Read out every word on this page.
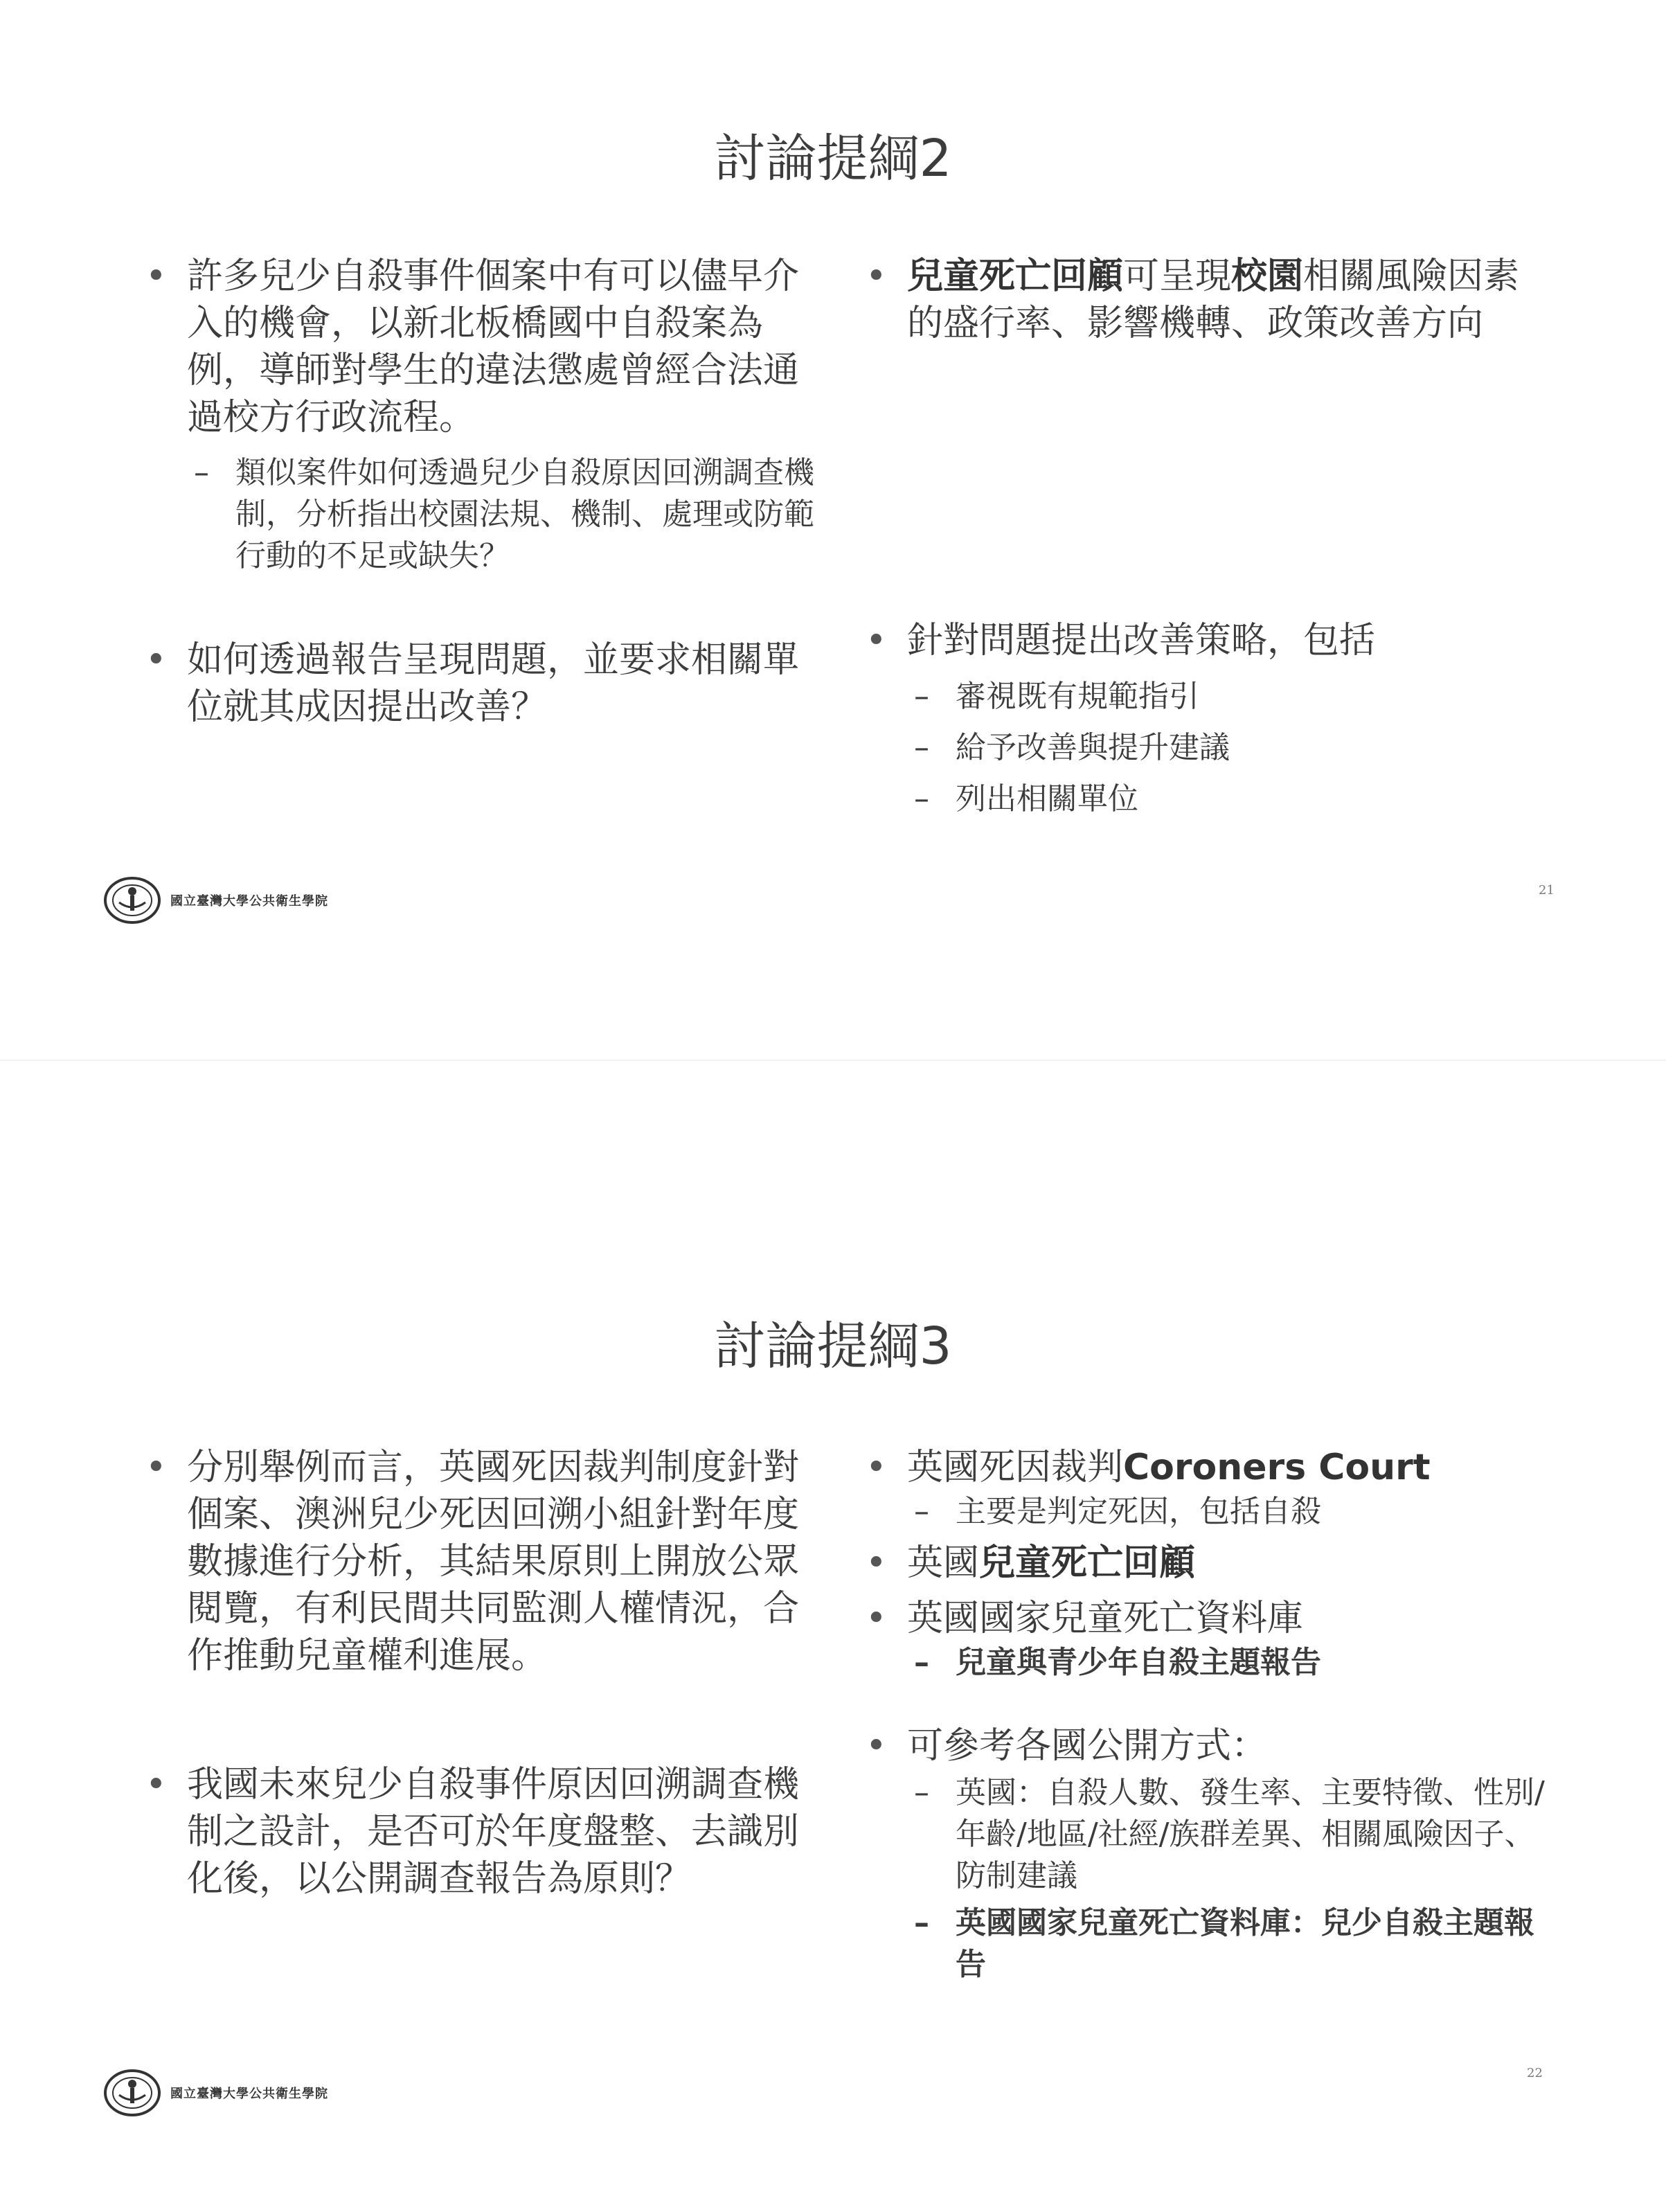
討論提綱2

• 許多兒少自殺事件個案中有可以儘早介入的機會，以新北板橋國中自殺案為例，導師對學生的違法懲處曾經合法通過校方行政流程。

– 類似案件如何透過兒少自殺原因回溯調查機制，分析指出校園法規、機制、處理或防範行動的不足或缺失？

• 如何透過報告呈現問題，並要求相關單位就其成因提出改善？

• 兒童死亡回顧可呈現校園相關風險因素的盛行率、影響機轉、政策改善方向

• 針對問題提出改善策略，包括

– 審視既有規範指引

– 給予改善與提升建議

– 列出相關單位

國立臺灣大學公共衛生學院
21
討論提綱3

• 分別舉例而言，英國死因裁判制度針對個案、澳洲兒少死因回溯小組針對年度數據進行分析，其結果原則上開放公眾閱覽，有利民間共同監測人權情況，合作推動兒童權利進展。

• 我國未來兒少自殺事件原因回溯調查機制之設計，是否可於年度盤整、去識別化後，以公開調查報告為原則？

• 英國死因裁判Coroners Court

– 主要是判定死因，包括自殺

• 英國兒童死亡回顧

• 英國國家兒童死亡資料庫

– 兒童與青少年自殺主題報告

• 可參考各國公開方式：

– 英國：自殺人數、發生率、主要特徵、性別/年齡/地區/社經/族群差異、相關風險因子、防制建議

– 英國國家兒童死亡資料庫：兒少自殺主題報告

國立臺灣大學公共衛生學院
22
